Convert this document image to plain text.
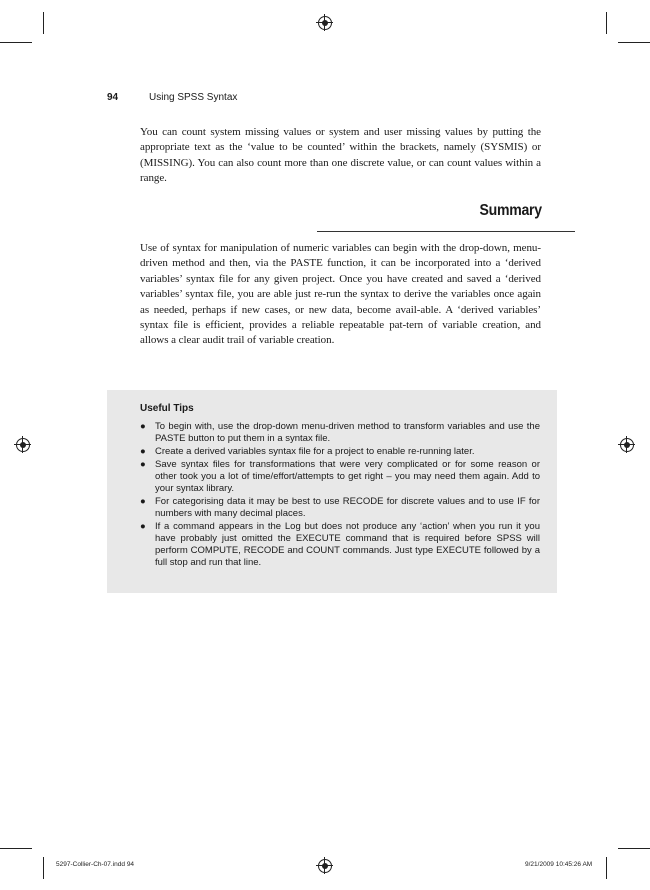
94	Using SPSS Syntax

You can count system missing values or system and user missing values by putting the appropriate text as the ‘value to be counted’ within the brackets, namely (SYSMIS) or (MISSING). You can also count more than one discrete value, or can count values within a range.

Summary

Use of syntax for manipulation of numeric variables can begin with the drop-down, menu-driven method and then, via the PASTE function, it can be incorporated into a ‘derived variables’ syntax file for any given project. Once you have created and saved a ‘derived variables’ syntax file, you are able just re-run the syntax to derive the variables once again as needed, perhaps if new cases, or new data, become avail-able. A ‘derived variables’ syntax file is efficient, provides a reliable repeatable pat-tern of variable creation, and allows a clear audit trail of variable creation.

Useful Tips
● To begin with, use the drop-down menu-driven method to transform variables and use the PASTE button to put them in a syntax file.
● Create a derived variables syntax file for a project to enable re-running later.
● Save syntax files for transformations that were very complicated or for some reason or other took you a lot of time/effort/attempts to get right – you may need them again. Add to your syntax library.
● For categorising data it may be best to use RECODE for discrete values and to use IF for numbers with many decimal places.
● If a command appears in the Log but does not produce any ‘action’ when you run it you have probably just omitted the EXECUTE command that is required before SPSS will perform COMPUTE, RECODE and COUNT commands. Just type EXECUTE followed by a full stop and run that line.
5297-Collier-Ch-07.indd 94	9/21/2009 10:45:26 AM
